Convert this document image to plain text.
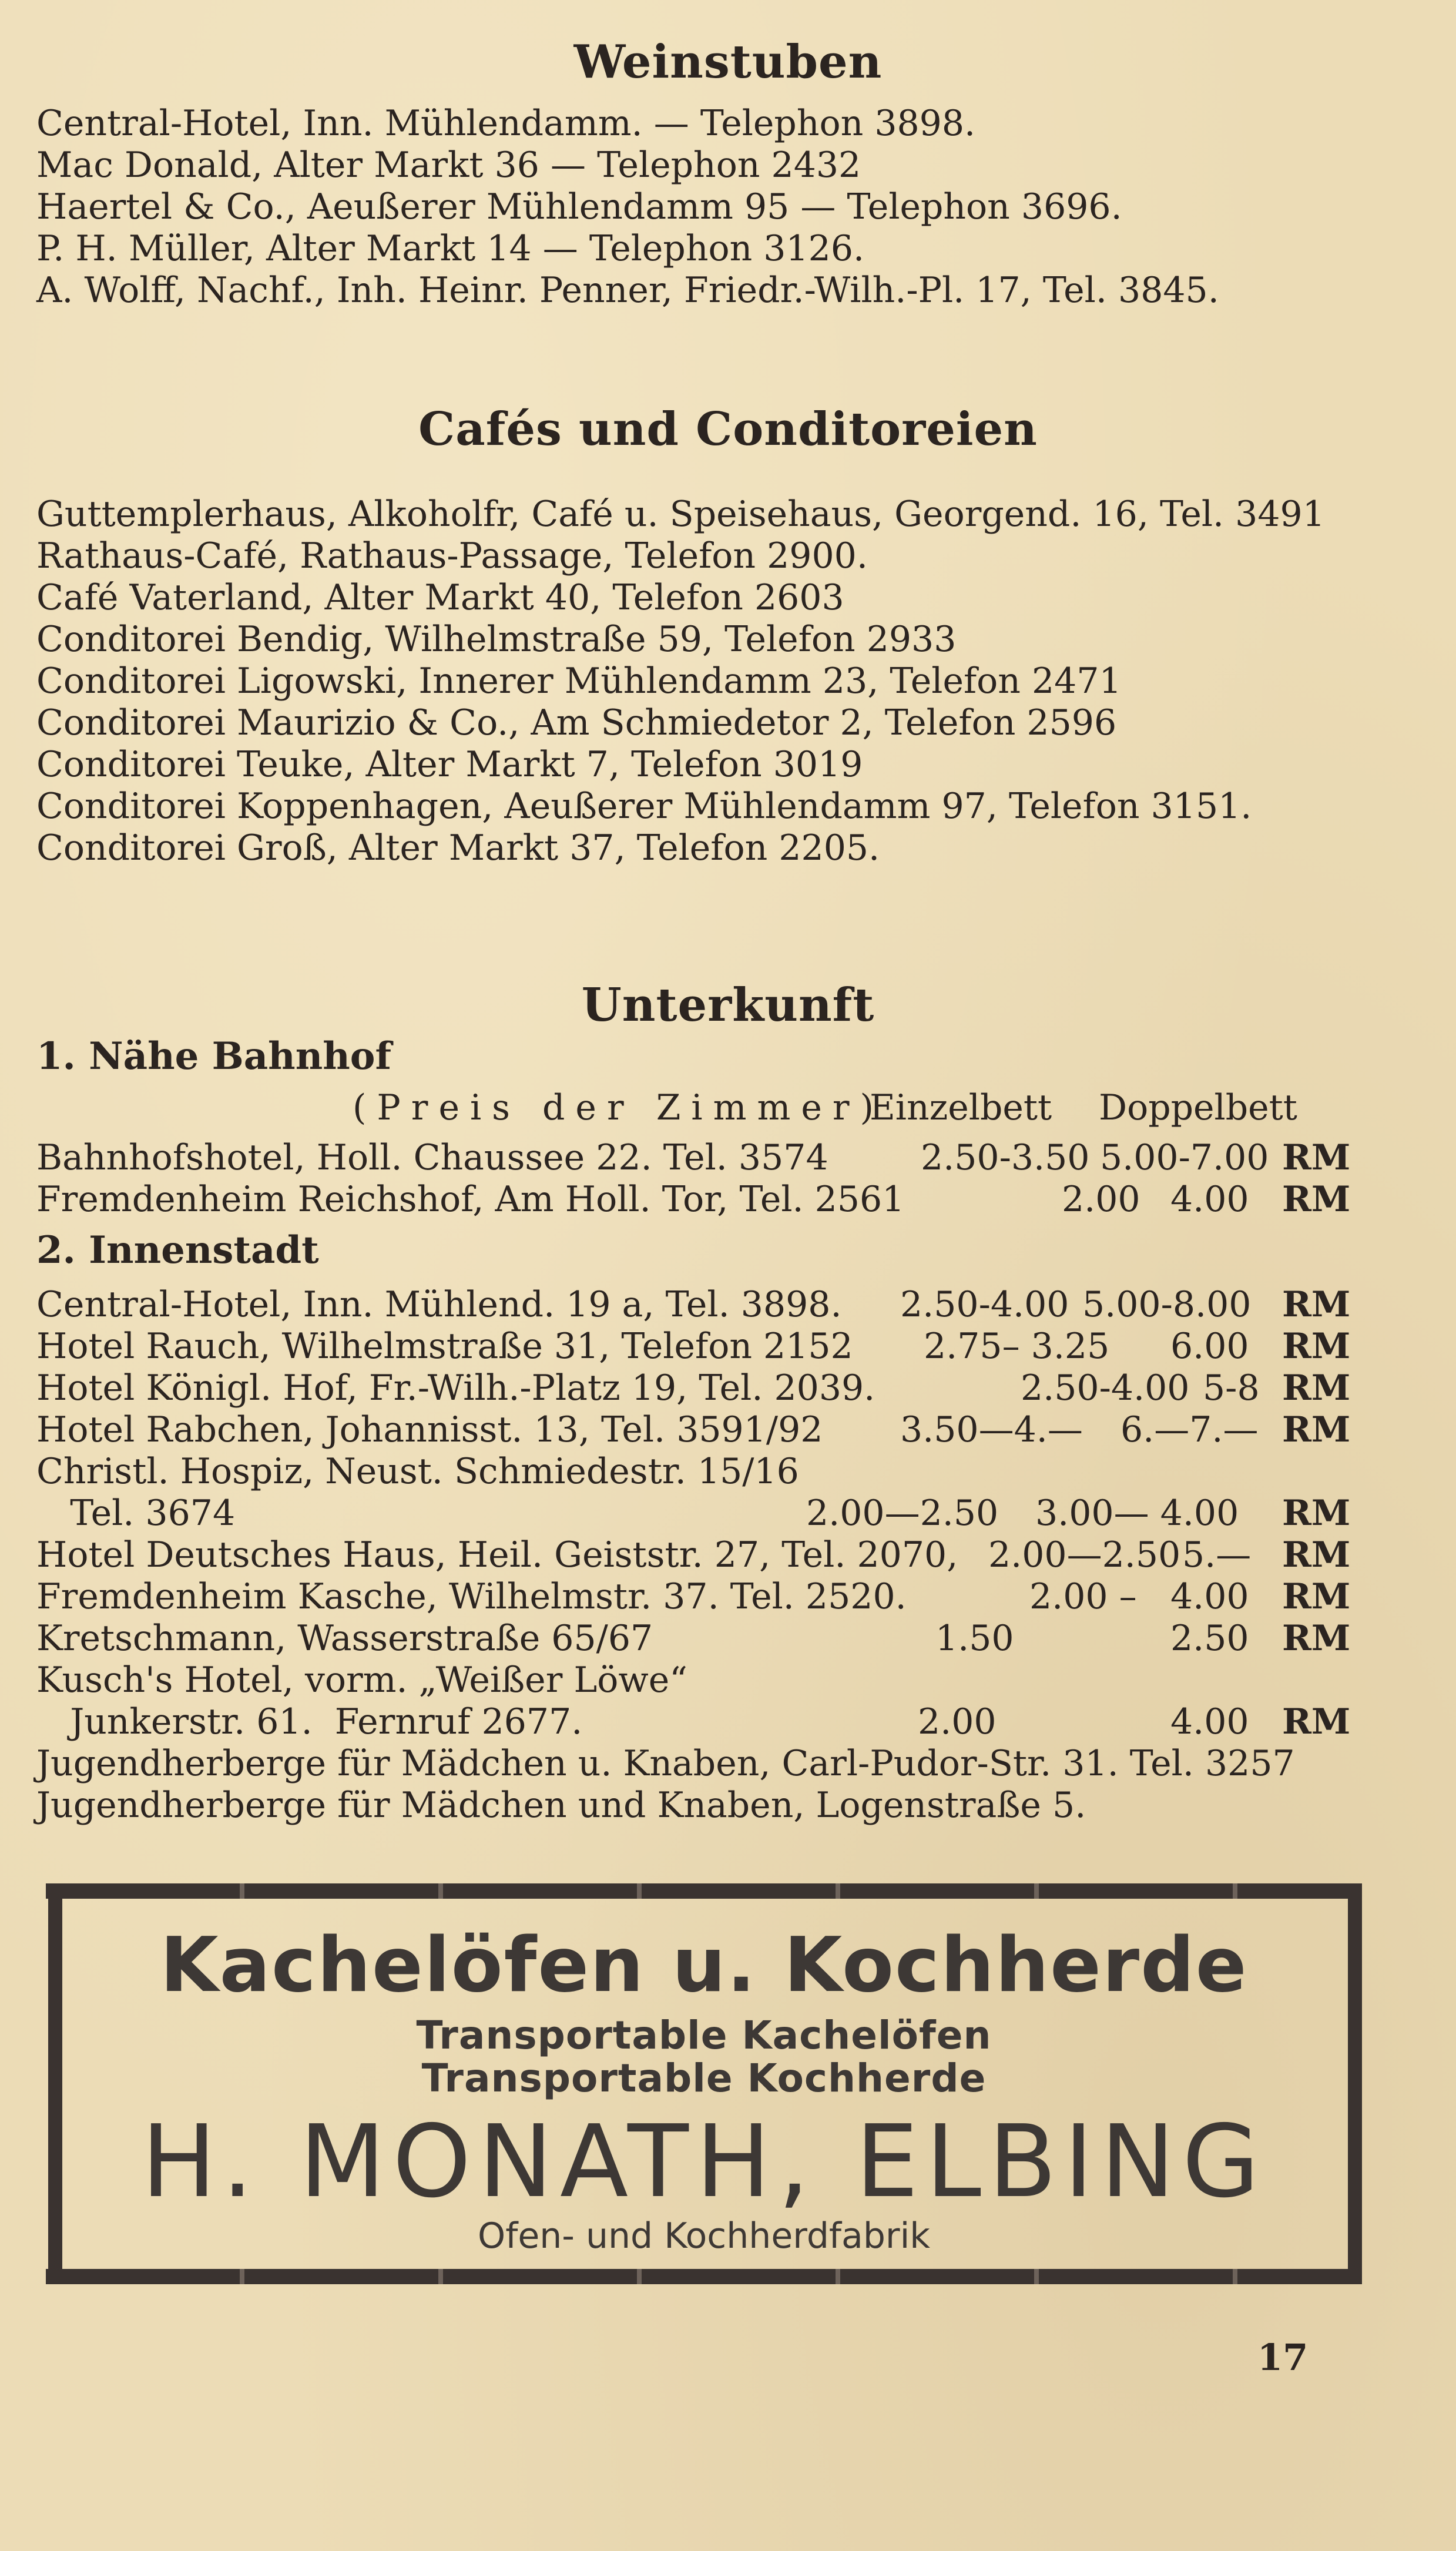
Weinstuben
Central-Hotel, Inn. Mühlendamm. — Telephon 3898.
Mac Donald, Alter Markt 36 — Telephon 2432
Haertel & Co., Aeußerer Mühlendamm 95 — Telephon 3696.
P. H. Müller, Alter Markt 14 — Telephon 3126.
A. Wolff, Nachf., Inh. Heinr. Penner, Friedr.-Wilh.-Pl. 17, Tel. 3845.
Cafés und Conditoreien
Guttemplerhaus, Alkoholfr, Café u. Speisehaus, Georgend. 16, Tel. 3491
Rathaus-Café, Rathaus-Passage, Telefon 2900.
Café Vaterland, Alter Markt 40, Telefon 2603
Conditorei Bendig, Wilhelmstraße 59, Telefon 2933
Conditorei Ligowski, Innerer Mühlendamm 23, Telefon 2471
Conditorei Maurizio & Co., Am Schmiedetor 2, Telefon 2596
Conditorei Teuke, Alter Markt 7, Telefon 3019
Conditorei Koppenhagen, Aeußerer Mühlendamm 97, Telefon 3151.
Conditorei Groß, Alter Markt 37, Telefon 2205.
Unterkunft
1. Nähe Bahnhof
(Preis der Zimmer)
Einzelbett Doppelbett
Bahnhofshotel, Holl. Chaussee 22. Tel. 3574	2.50-3.50 5.00-7.00 RM
Fremdenheim Reichshof, Am Holl. Tor, Tel. 2561	2.00 4.00 RM
2. Innenstadt
Central-Hotel, Inn. Mühlend. 19 a, Tel. 3898. 2.50-4.00 5.00-8.00 RM
Hotel Rauch, Wilhelmstraße 31, Telefon 2152 2.75– 3.25 6.00 RM
Hotel Königl. Hof, Fr.-Wilh.-Platz 19, Tel. 2039.	2.50-4.00 5-8 RM
Hotel Rabchen, Johannisst. 13, Tel. 3591/92 3.50—4.— 6.—7.— RM
Christl. Hospiz, Neust. Schmiedestr. 15/16
Tel. 3674	2.00—2.50 3.00— 4.00 RM
Hotel Deutsches Haus, Heil. Geiststr. 27, Tel. 2070, 2.00—2.50 5.— RM
Fremdenheim Kasche, Wilhelmstr. 37. Tel. 2520.	2.00 – 4.00 RM
Kretschmann, Wasserstraße 65/67	1.50	2.50 RM
Kusch's Hotel, vorm. „Weißer Löwe“
Junkerstr. 61.  Fernruf 2677.	2.00	4.00 RM
Jugendherberge für Mädchen u. Knaben, Carl-Pudor-Str. 31. Tel. 3257
Jugendherberge für Mädchen und Knaben, Logenstraße 5.
Kachelöfen u. Kochherde
Transportable Kachelöfen
Transportable Kochherde
H. MONATH, ELBING
Ofen- und Kochherdfabrik
17
